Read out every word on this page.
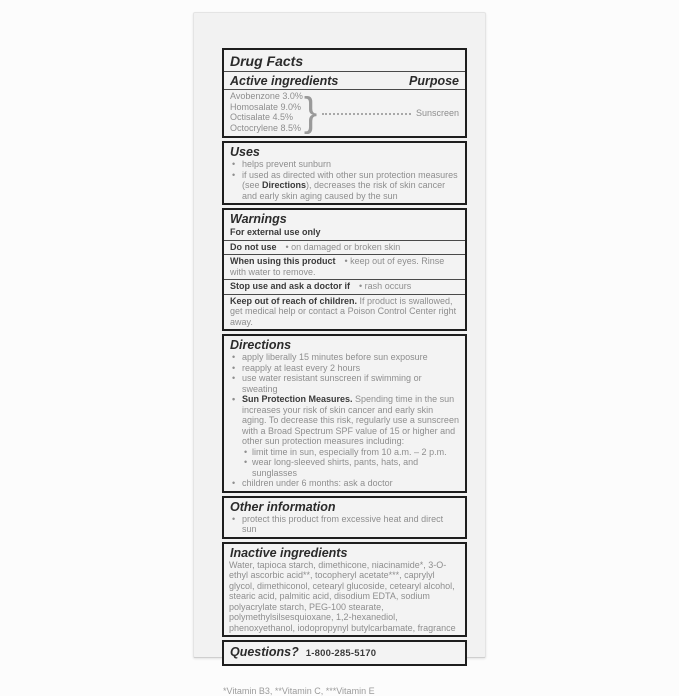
Drug Facts
Active ingredients	Purpose
Avobenzone 3.0%
Homosalate 9.0%
Octisalate 4.5%
Octocrylene 8.5% }	Sunscreen
Uses
• helps prevent sunburn
• if used as directed with other sun protection measures (see Directions), decreases the risk of skin cancer and early skin aging caused by the sun
Warnings
For external use only
Do not use • on damaged or broken skin
When using this product • keep out of eyes. Rinse with water to remove.
Stop use and ask a doctor if • rash occurs
Keep out of reach of children. If product is swallowed, get medical help or contact a Poison Control Center right away.
Directions
• apply liberally 15 minutes before sun exposure
• reapply at least every 2 hours
• use water resistant sunscreen if swimming or sweating
• Sun Protection Measures. Spending time in the sun increases your risk of skin cancer and early skin aging. To decrease this risk, regularly use a sunscreen with a Broad Spectrum SPF value of 15 or higher and other sun protection measures including:
• limit time in sun, especially from 10 a.m. – 2 p.m.
• wear long-sleeved shirts, pants, hats, and sunglasses
• children under 6 months: ask a doctor
Other information
• protect this product from excessive heat and direct sun
Inactive ingredients
Water, tapioca starch, dimethicone, niacinamide*, 3-O-ethyl ascorbic acid**, tocopheryl acetate***, caprylyl glycol, dimethiconol, cetearyl glucoside, cetearyl alcohol, stearic acid, palmitic acid, disodium EDTA, sodium polyacrylate starch, PEG-100 stearate, polymethylsilsesquioxane, 1,2-hexanediol, phenoxyethanol, iodopropynyl butylcarbamate, fragrance
Questions? 1-800-285-5170
*Vitamin B3, **Vitamin C, ***Vitamin E
